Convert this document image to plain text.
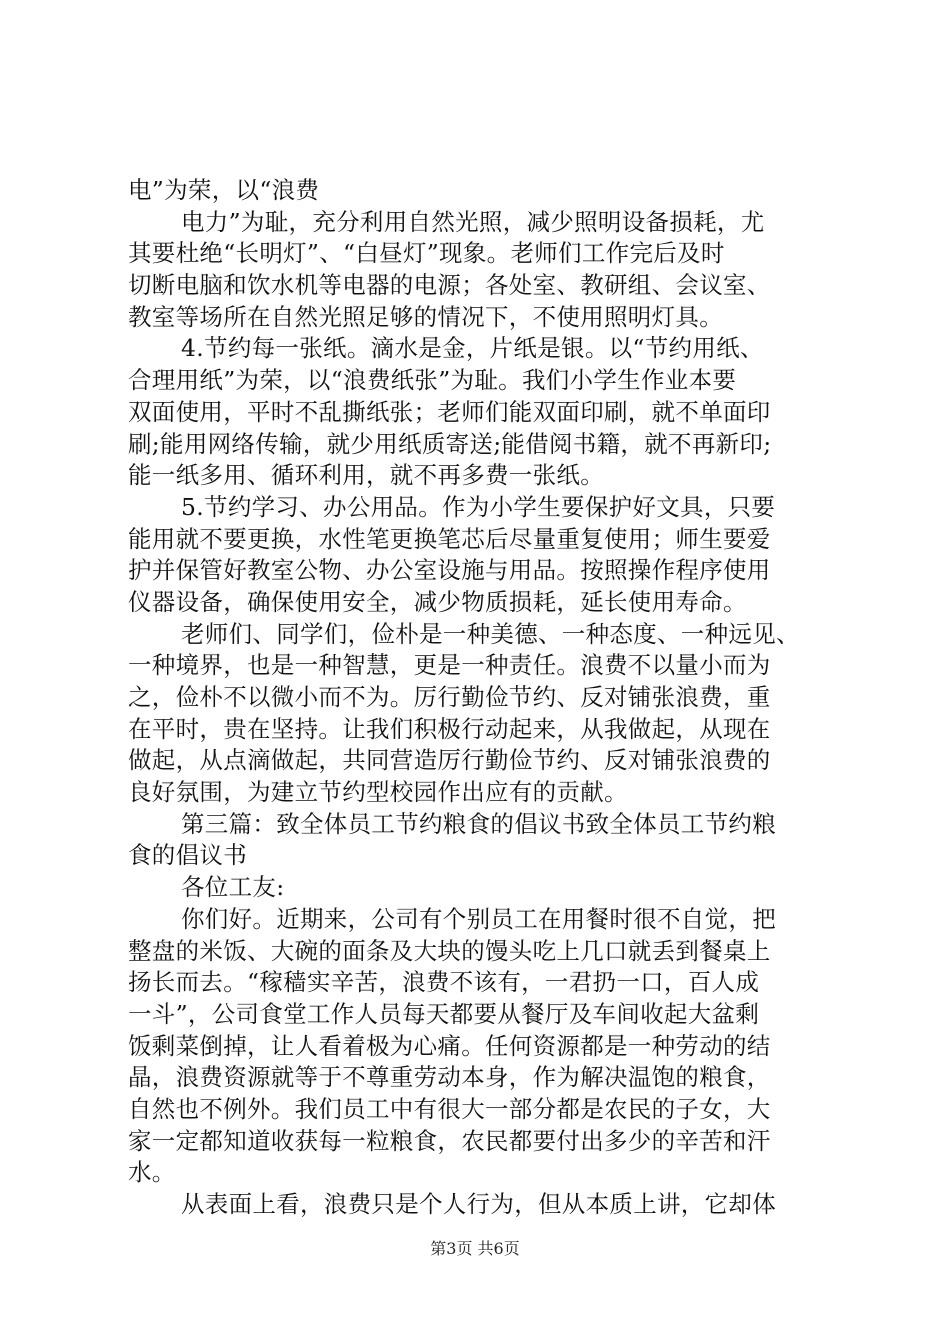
电”为荣，以“浪费
电力”为耻，充分利用自然光照，减少照明设备损耗，尤
其要杜绝“长明灯”、“白昼灯”现象。老师们工作完后及时
切断电脑和饮水机等电器的电源；各处室、教研组、会议室、
教室等场所在自然光照足够的情况下，不使用照明灯具。
4.节约每一张纸。滴水是金，片纸是银。以“节约用纸、
合理用纸”为荣，以“浪费纸张”为耻。我们小学生作业本要
双面使用，平时不乱撕纸张；老师们能双面印刷，就不单面印
刷;能用网络传输，就少用纸质寄送;能借阅书籍，就不再新印;
能一纸多用、循环利用，就不再多费一张纸。
5.节约学习、办公用品。作为小学生要保护好文具，只要
能用就不要更换，水性笔更换笔芯后尽量重复使用；师生要爱
护并保管好教室公物、办公室设施与用品。按照操作程序使用
仪器设备，确保使用安全，减少物质损耗，延长使用寿命。
老师们、同学们，俭朴是一种美德、一种态度、一种远见、
一种境界，也是一种智慧，更是一种责任。浪费不以量小而为
之，俭朴不以微小而不为。厉行勤俭节约、反对铺张浪费，重
在平时，贵在坚持。让我们积极行动起来，从我做起，从现在
做起，从点滴做起，共同营造厉行勤俭节约、反对铺张浪费的
良好氛围，为建立节约型校园作出应有的贡献。
第三篇：致全体员工节约粮食的倡议书致全体员工节约粮
食的倡议书
各位工友:
你们好。近期来，公司有个别员工在用餐时很不自觉，把
整盘的米饭、大碗的面条及大块的馒头吃上几口就丢到餐桌上
扬长而去。“稼穑实辛苦，浪费不该有，一君扔一口，百人成
一斗”，公司食堂工作人员每天都要从餐厅及车间收起大盆剩
饭剩菜倒掉，让人看着极为心痛。任何资源都是一种劳动的结
晶，浪费资源就等于不尊重劳动本身，作为解决温饱的粮食，
自然也不例外。我们员工中有很大一部分都是农民的子女，大
家一定都知道收获每一粒粮食，农民都要付出多少的辛苦和汗
水。
从表面上看，浪费只是个人行为，但从本质上讲，它却体
第3页 共6页
